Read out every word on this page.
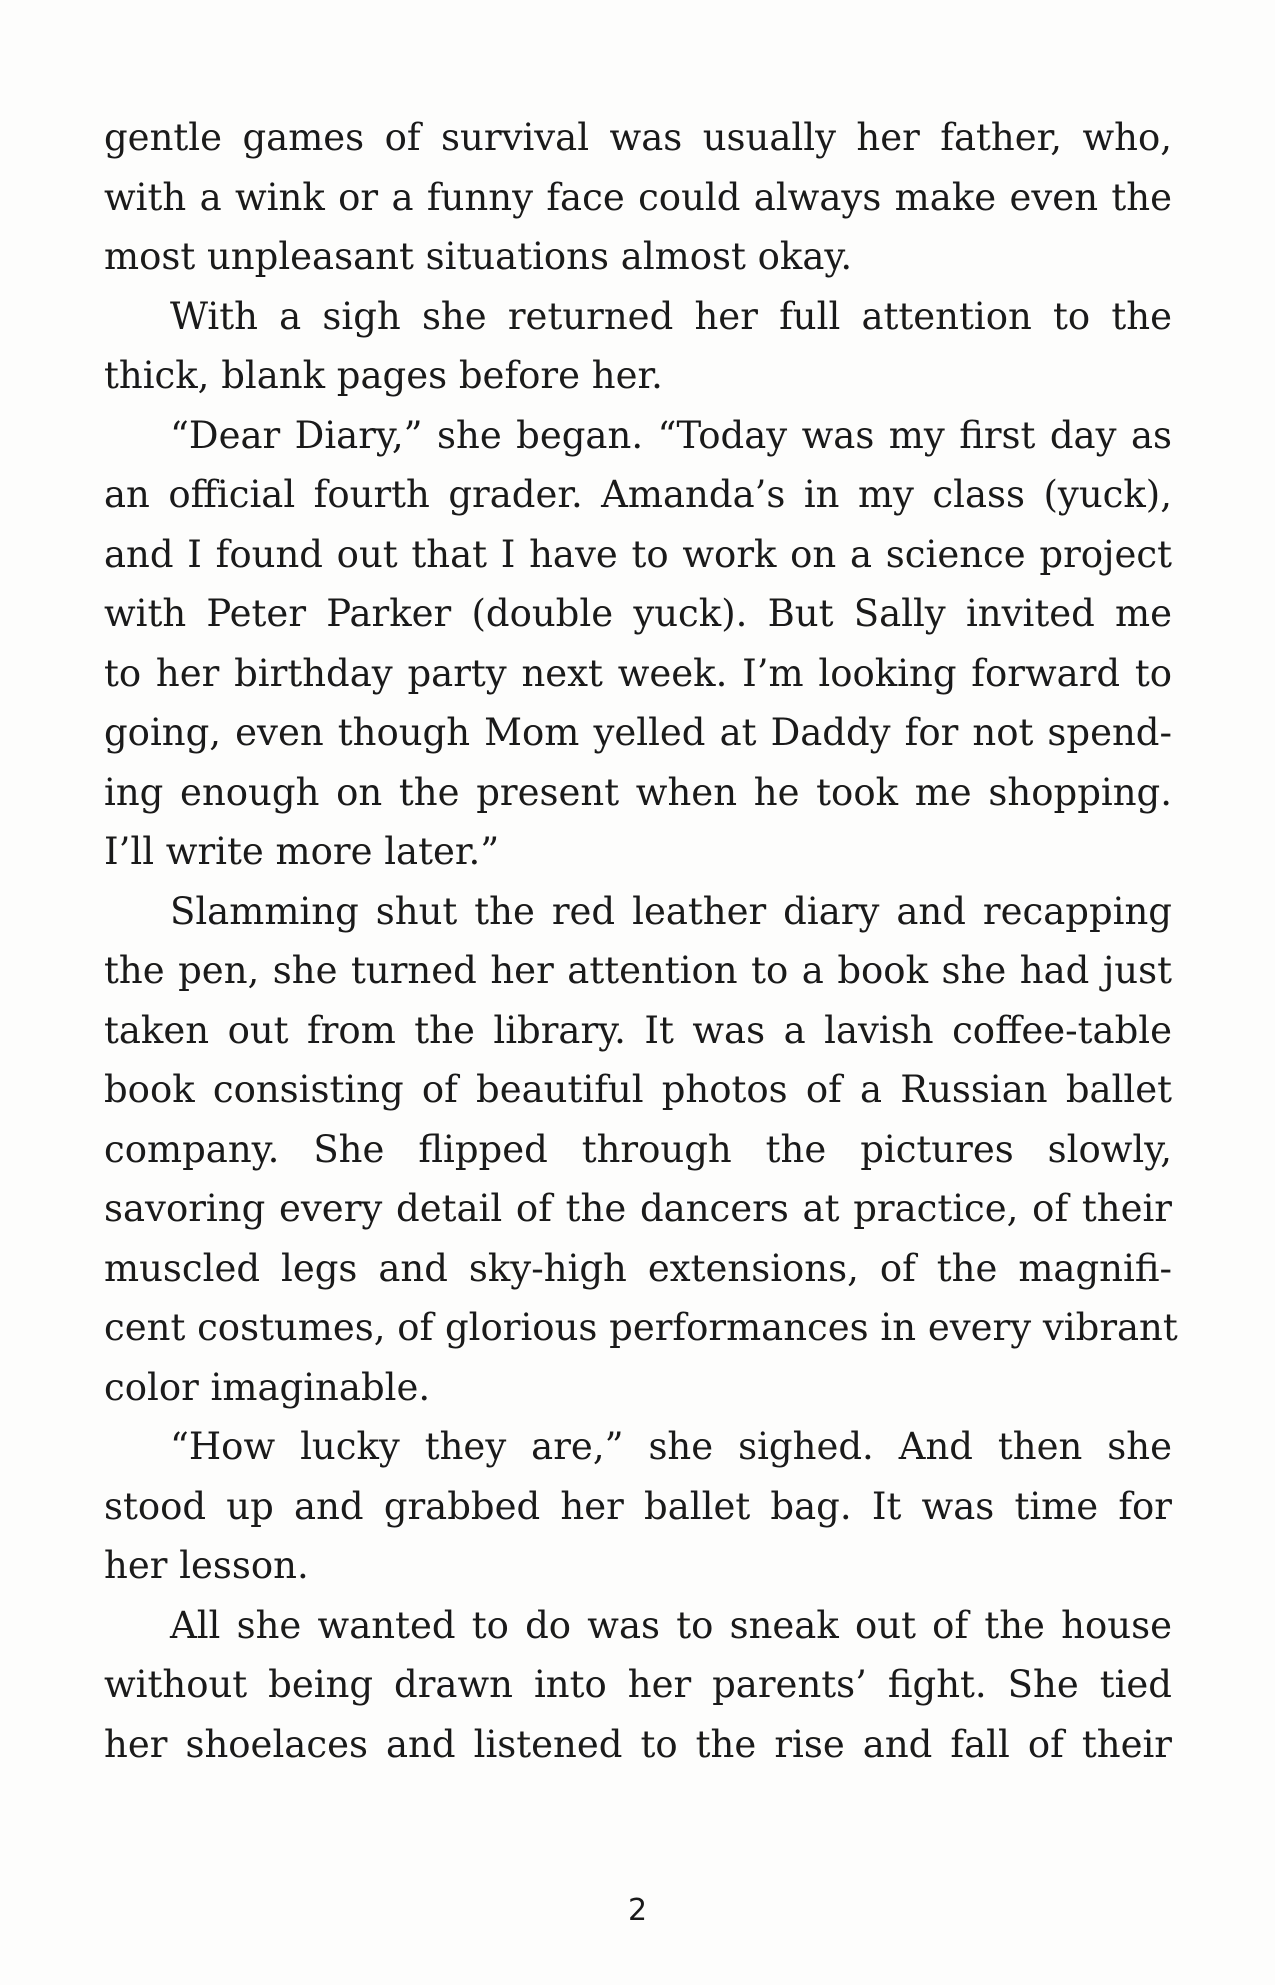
gentle games of survival was usually her father, who,
with a wink or a funny face could always make even the
most unpleasant situations almost okay.
With a sigh she returned her full attention to the
thick, blank pages before her.
“Dear Diary,” she began. “Today was my first day as
an official fourth grader. Amanda’s in my class (yuck),
and I found out that I have to work on a science project
with Peter Parker (double yuck). But Sally invited me
to her birthday party next week. I’m looking forward to
going, even though Mom yelled at Daddy for not spend-
ing enough on the present when he took me shopping.
I’ll write more later.”
Slamming shut the red leather diary and recapping
the pen, she turned her attention to a book she had just
taken out from the library. It was a lavish coffee-table
book consisting of beautiful photos of a Russian ballet
company. She flipped through the pictures slowly,
savoring every detail of the dancers at practice, of their
muscled legs and sky-high extensions, of the magnifi-
cent costumes, of glorious performances in every vibrant
color imaginable.
“How lucky they are,” she sighed. And then she
stood up and grabbed her ballet bag. It was time for
her lesson.
All she wanted to do was to sneak out of the house
without being drawn into her parents’ fight. She tied
her shoelaces and listened to the rise and fall of their
2
